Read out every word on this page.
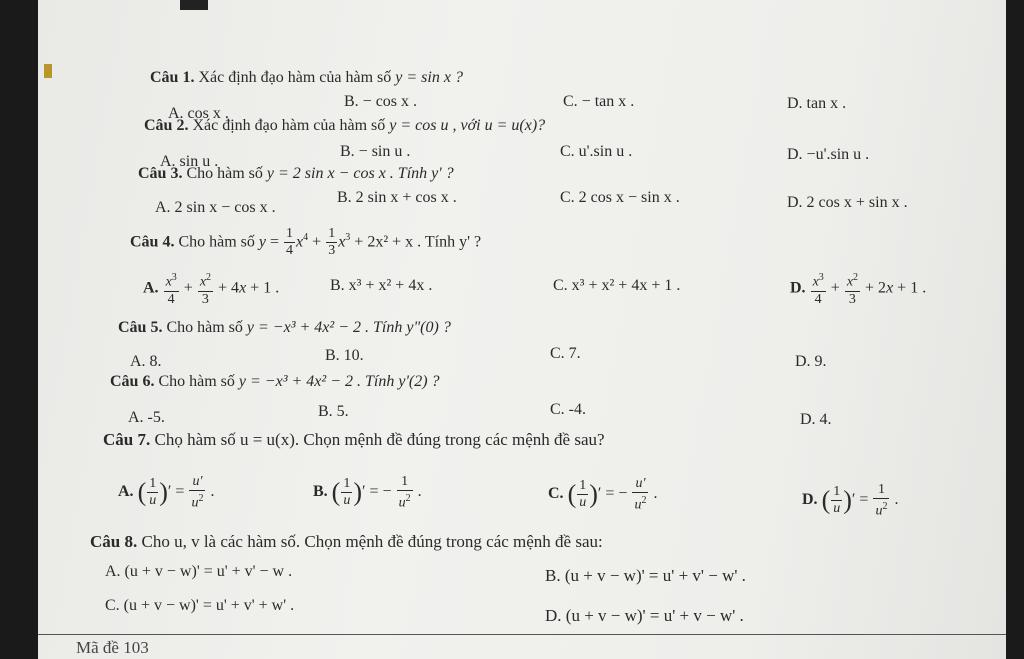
Câu 1. Xác định đạo hàm của hàm số y = sin x ?
A. cos x .
B. − cos x .	C. − tan x .	D. tan x .
Câu 2. Xác định đạo hàm của hàm số y = cos u , với u = u(x)?
A. sin u .
B. − sin u .	C. u'.sin u .	D. −u'.sin u .
Câu 3. Cho hàm số y = 2 sin x − cos x . Tính y' ?
A. 2 sin x − cos x .
B. 2 sin x + cos x .	C. 2 cos x − sin x .	D. 2 cos x + sin x .
Câu 4. Cho hàm số $y = \frac{1}{4} x^4 + \frac{1}{3} x^3 + 2x^2 + x$ . Tính y' ?
A. $\frac{x^3}{4} + \frac{x^2}{3} + 4x + 1$ .	B. x³ + x² + 4x .	C. x³ + x² + 4x + 1 .	D. $\frac{x^3}{4} + \frac{x^2}{3} + 2x + 1$ .
Câu 5. Cho hàm số y = −x³ + 4x² − 2 . Tính y"(0) ?
A. 8.	B. 10.	C. 7.	D. 9.
Câu 6. Cho hàm số y = −x³ + 4x² − 2 . Tính y'(2) ?
A. -5.	B. 5.	C. -4.
D. 4.
Câu 7. Chọ hàm số u = u(x). Chọn mệnh đề đúng trong các mệnh đề sau?
A. ( $\frac{1}{u}$ )′ = $\frac{u'}{u^2}$ .	B. ( $\frac{1}{u}$ )′ = − $\frac{1}{u^2}$ .	C. ( $\frac{1}{u}$ )′ = − $\frac{u'}{u^2}$ .	D. ( $\frac{1}{u}$ )′ = $\frac{1}{u^2}$ .
Câu 8. Cho u, v là các hàm số. Chọn mệnh đề đúng trong các mệnh đề sau:
A. (u + v − w)' = u' + v' − w .	B. (u + v − w)' = u' + v' − w' .
C. (u + v − w)' = u' + v' + w' .
D. (u + v − w)' = u' + v − w' .
Mã đề 103
